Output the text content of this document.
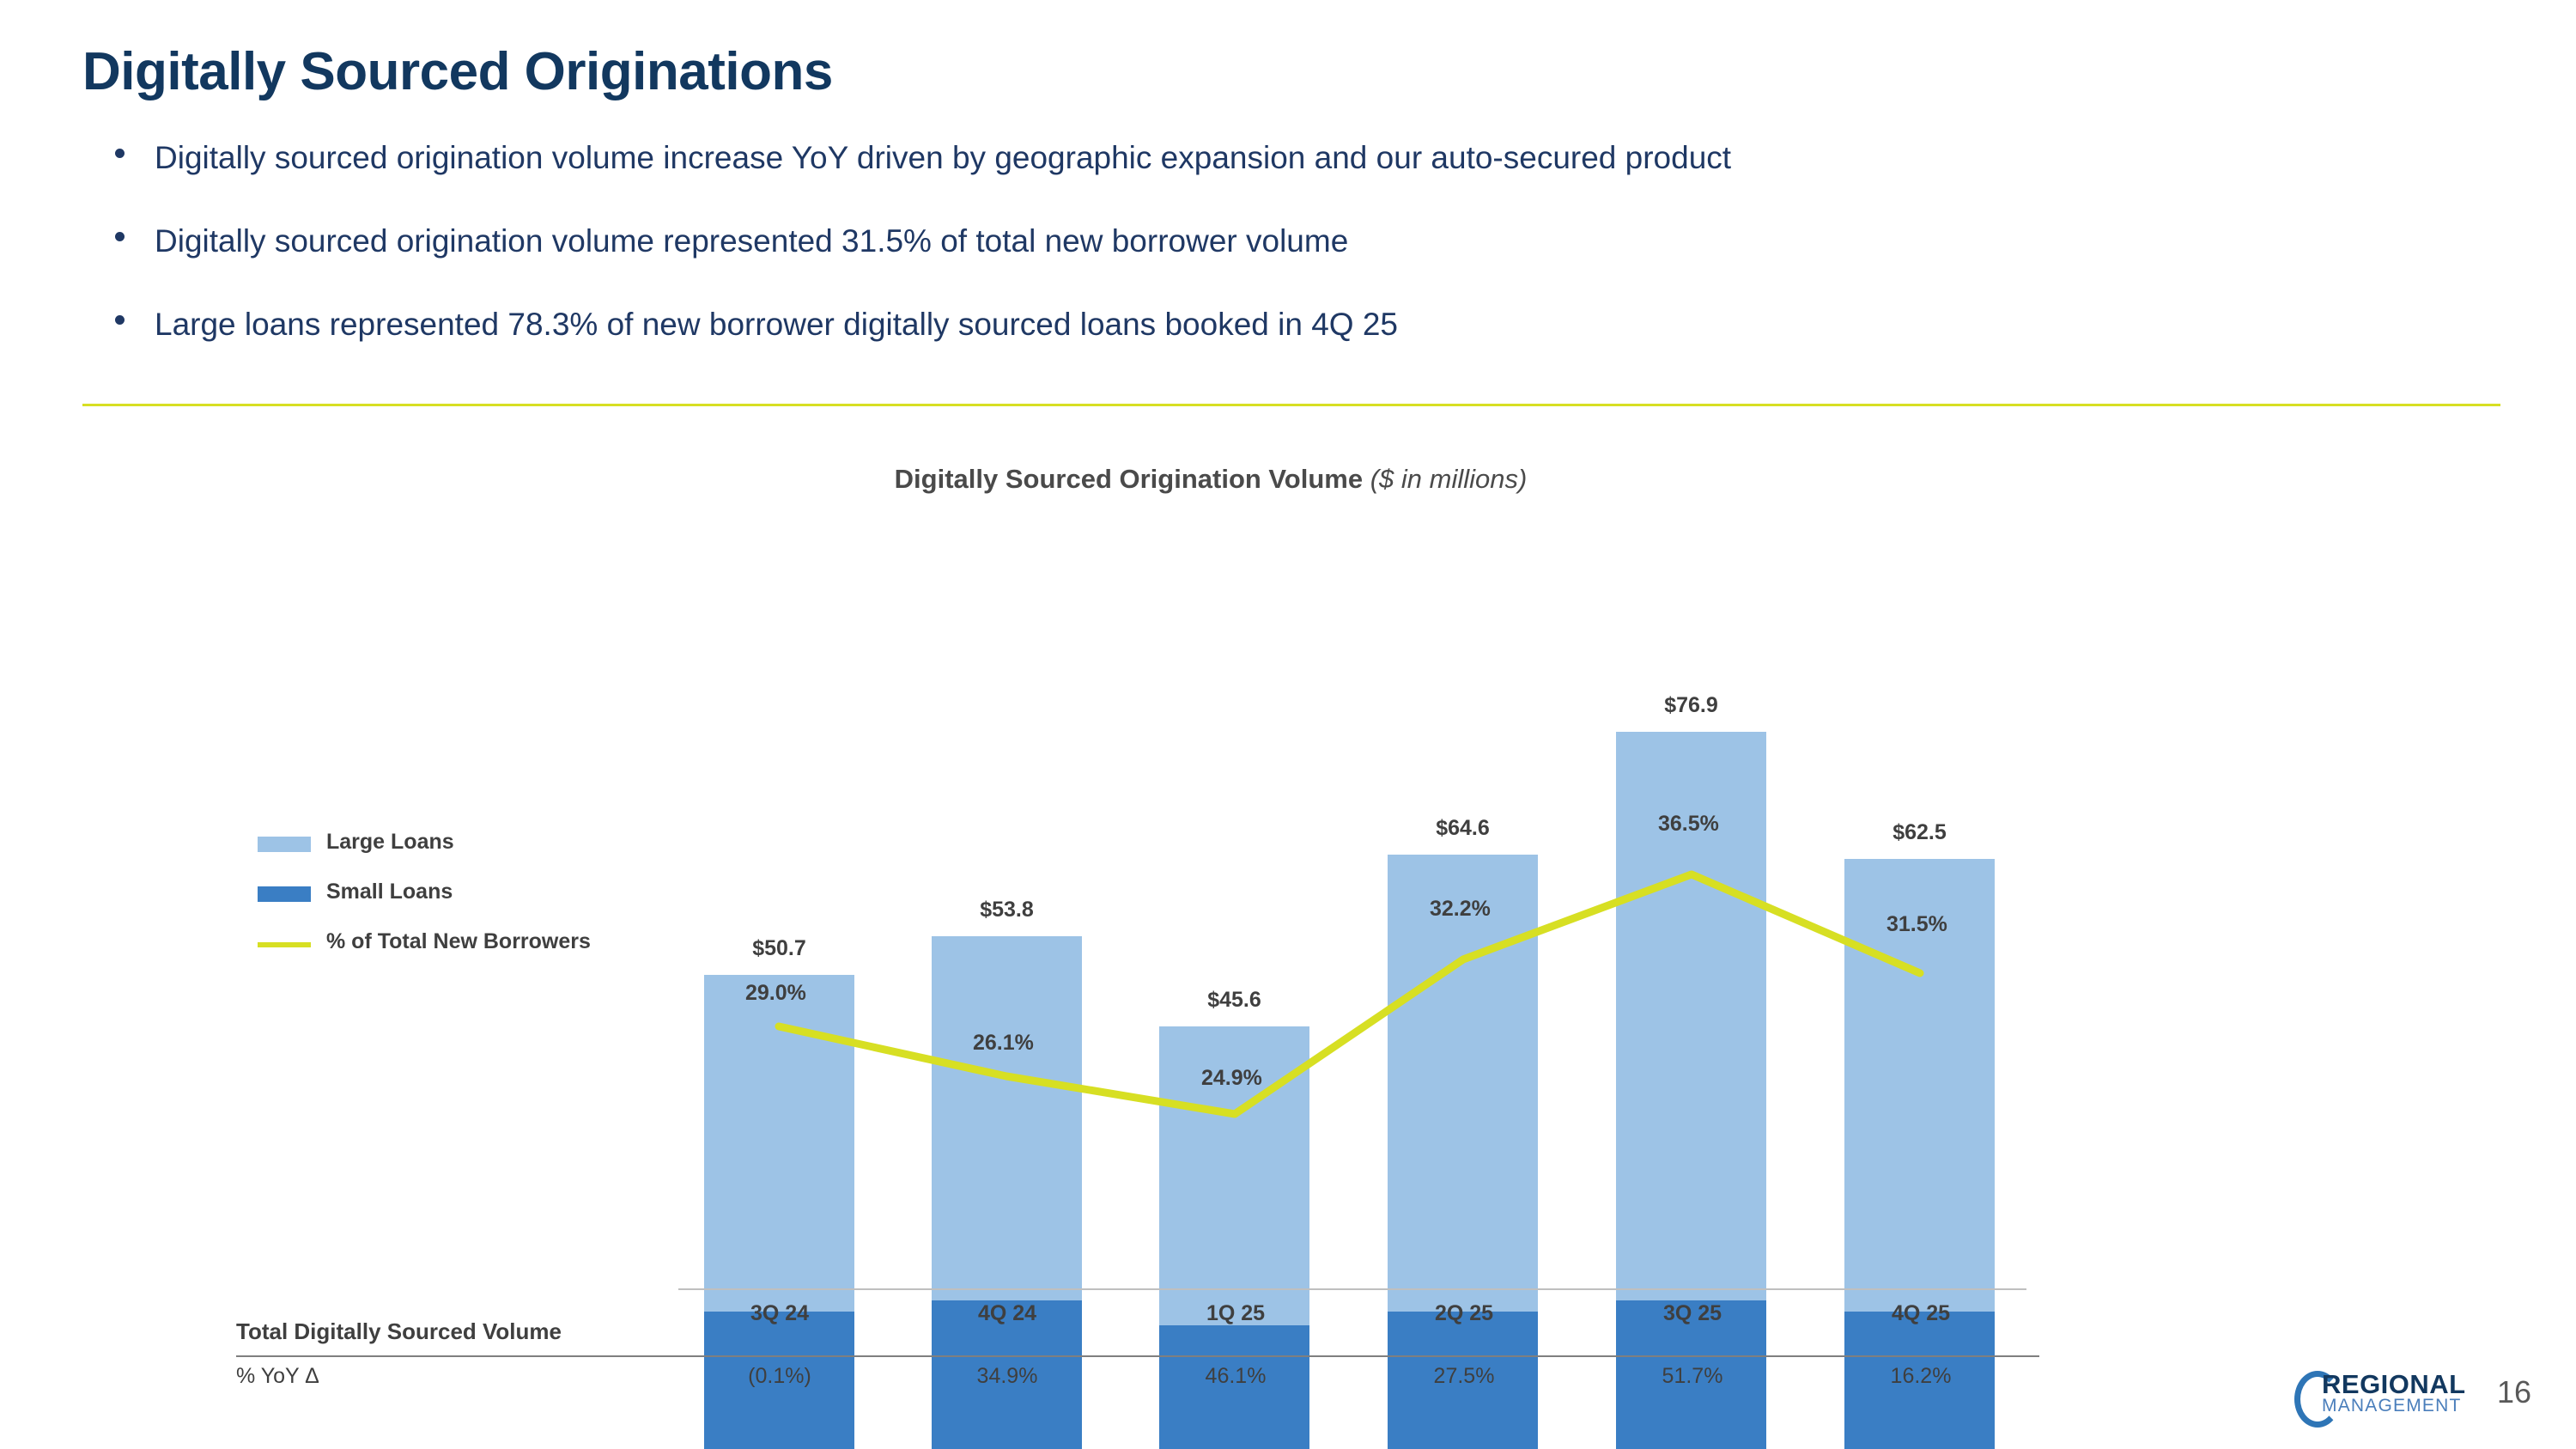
Digitally Sourced Originations
Digitally sourced origination volume increase YoY driven by geographic expansion and our auto-secured product
Digitally sourced origination volume represented 31.5% of total new borrower volume
Large loans represented 78.3% of new borrower digitally sourced loans booked in 4Q 25
Digitally Sourced Origination Volume ($ in millions)
Large Loans
Small Loans
% of Total New Borrowers	$50.7
$53.8
$45.6
$64.6
$76.9
$62.5
29.0%
26.1%
24.9%
32.2%
36.5%
31.5%
3Q 24	4Q 24	1Q 25	2Q 25	3Q 25	4Q 25
Total Digitally Sourced Volume
% YoY Δ	(0.1%)	34.9%	46.1%	27.5%	51.7%	16.2%	REGIONAL
MANAGEMENT 16
